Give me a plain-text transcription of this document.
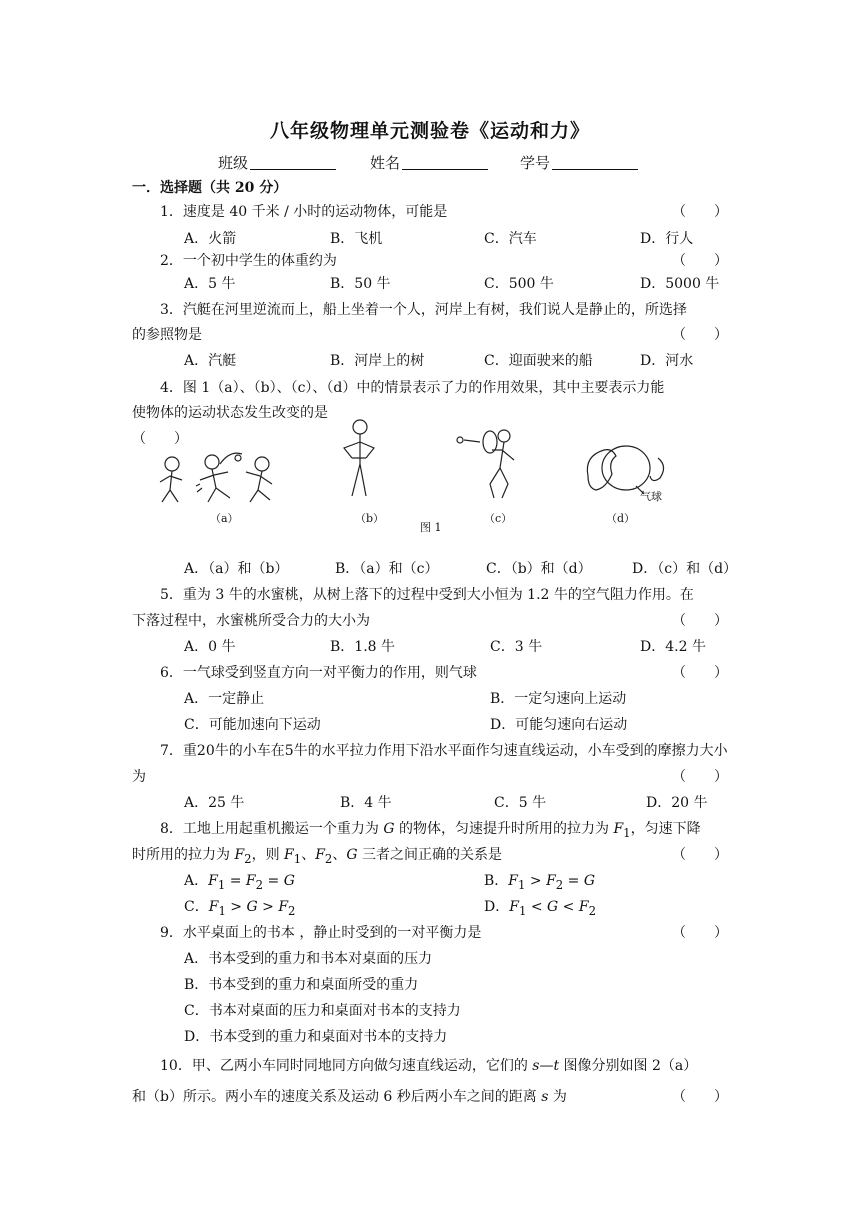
八年级物理单元测验卷《运动和力》
班级	姓名	学号
一．选择题（共 20 分）
1．速度是 40 千米 / 小时的运动物体，可能是	（　　）
A．火箭	B．飞机	C．汽车	D．行人
2．一个初中学生的体重约为	（　　）
A．5 牛	B．50 牛	C．500 牛	D．5000 牛
3．汽艇在河里逆流而上，船上坐着一个人，河岸上有树，我们说人是静止的，所选择
的参照物是	（　　）
A．汽艇	B．河岸上的树	C．迎面驶来的船	D．河水
4．图 1（a）、（b）、（c）、（d）中的情景表示了力的作用效果，其中主要表示力能
使物体的运动状态发生改变的是
（　　）
气球
（a）	（b）	（c）	（d）
图 1
A．（a）和（b）	B．（a）和（c）	C．（b）和（d）	D．（c）和（d）
5．重为 3 牛的水蜜桃，从树上落下的过程中受到大小恒为 1.2 牛的空气阻力作用。在
下落过程中，水蜜桃所受合力的大小为	（　　）
A．0 牛	B．1.8 牛	C．3 牛	D．4.2 牛
6．一气球受到竖直方向一对平衡力的作用，则气球	（　　）
A．一定静止	B．一定匀速向上运动
C．可能加速向下运动	D．可能匀速向右运动
7．重20牛的小车在5牛的水平拉力作用下沿水平面作匀速直线运动，小车受到的摩擦力大小
为	（　　）
A．25 牛	B．4 牛	C．5 牛	D．20 牛
8．工地上用起重机搬运一个重力为 G 的物体，匀速提升时所用的拉力为 $F_1$，匀速下降
时所用的拉力为 $F_2$，则 $F_1$、$F_2$、G 三者之间正确的关系是	（　　）
A．$F_1 = F_2 = G$	B．$F_1 > F_2 = G$
C．$F_1 > G > F_2$	D．$F_1 < G < F_2$
9．水平桌面上的书本 ，静止时受到的一对平衡力是	（　　）
A．书本受到的重力和书本对桌面的压力
B．书本受到的重力和桌面所受的重力
C．书本对桌面的压力和桌面对书本的支持力
D．书本受到的重力和桌面对书本的支持力
10．甲、乙两小车同时同地同方向做匀速直线运动，它们的 s—t 图像分别如图 2（a）
和（b）所示。两小车的速度关系及运动 6 秒后两小车之间的距离 s 为	（　　）
